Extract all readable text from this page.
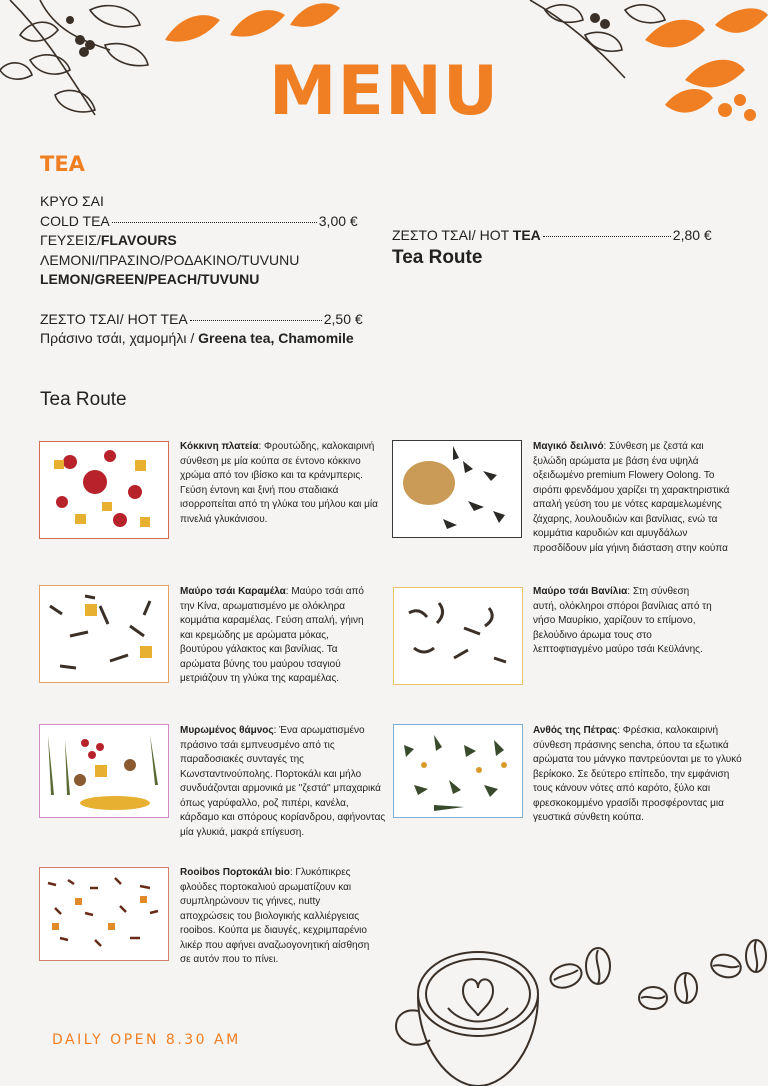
MENU
TEA
ΚΡΥΟ ΣΑΙ
COLD TEA	3,00 €
ΓΕΥΣΕΙΣ/FLAVOURS
ΛΕΜΟΝΙ/ΠΡΑΣΙΝΟ/ΡΟΔΑΚΙΝΟ/TUVUNU
LEMON/GREEN/PEACH/TUVUNU
ΖΕΣΤΟ ΤΣΑΙ/ HOT TEA	2,50 €
Πράσινο τσάι, χαμομήλι / Greena tea, Chamomile
ΖΕΣΤΟ ΤΣΑΙ/ HOT TEA	2,80 €
Tea Route
Tea Route
Κόκκινη πλατεία: Φρουτώδης, καλοκαιρινή σύνθεση με μία κούπα σε έντονο κόκκινο χρώμα από τον ιβίσκο και τα κράνμπερις. Γεύση έντονη και ξινή που σταδιακά ισορροπείται από τη γλύκα του μήλου και μία πινελιά γλυκάνισου.
Μαγικό δειλινό: Σύνθεση με ζεστά και ξυλώδη αρώματα με βάση ένα υψηλά οξειδωμένο premium Flowery Oolong. Το σιρόπι φρενδάμου χαρίζει τη χαρακτηριστικά απαλή γεύση του με νότες καραμελωμένης ζάχαρης, λουλουδιών και βανίλιας, ενώ τα κομμάτια καρυδιών και αμυγδάλων προσδίδουν μία γήινη διάσταση στην κούπα
Μαύρο τσάι Καραμέλα: Μαύρο τσάι από την Κίνα, αρωματισμένο με ολόκληρα κομμάτια καραμέλας. Γεύση απαλή, γήινη και κρεμώδης με αρώματα μόκας, βουτύρου γάλακτος και βανίλιας. Τα αρώματα βύνης του μαύρου τσαγιού μετριάζουν τη γλύκα της καραμέλας.
Μαύρο τσάι Βανίλια: Στη σύνθεση αυτή, ολόκληροι σπόροι βανίλιας από τη νήσο Μαυρίκιο, χαρίζουν το επίμονο, βελούδινο άρωμα τους στο λεπτοφτιαγμένο μαύρο τσάι Κεϋλάνης.
Μυρωμένος θάμνος: Ένα αρωματισμένο πράσινο τσάι εμπνευσμένο από τις παραδοσιακές συνταγές της Κωνσταντινούπολης. Πορτοκάλι και μήλο συνδυάζονται αρμονικά με "ζεστά" μπαχαρικά όπως γαρύφαλλο, ροζ πιπέρι, κανέλα, κάρδαμο και σπόρους κορίανδρου, αφήνοντας μία γλυκιά, μακρά επίγευση.
Ανθός της Πέτρας: Φρέσκια, καλοκαιρινή σύνθεση πράσινης sencha, όπου τα εξωτικά αρώματα του μάνγκο παντρεύονται με το γλυκό βερίκοκο. Σε δεύτερο επίπεδο, την εμφάνιση τους κάνουν νότες από καρότο, ξύλο και φρεσκοκομμένο γρασίδι προσφέροντας μια γευστικά σύνθετη κούπα.
Rooibos Πορτοκάλι bio: Γλυκόπικρες φλούδες πορτοκαλιού αρωματίζουν και συμπληρώνουν τις γήινες, nutty αποχρώσεις του βιολογικής καλλιέργειας rooibos. Κούπα με διαυγές, κεχριμπαρένιο λικέρ που αφήνει αναζωογονητική αίσθηση σε αυτόν που το πίνει.
DAILY OPEN 8.30 AM
